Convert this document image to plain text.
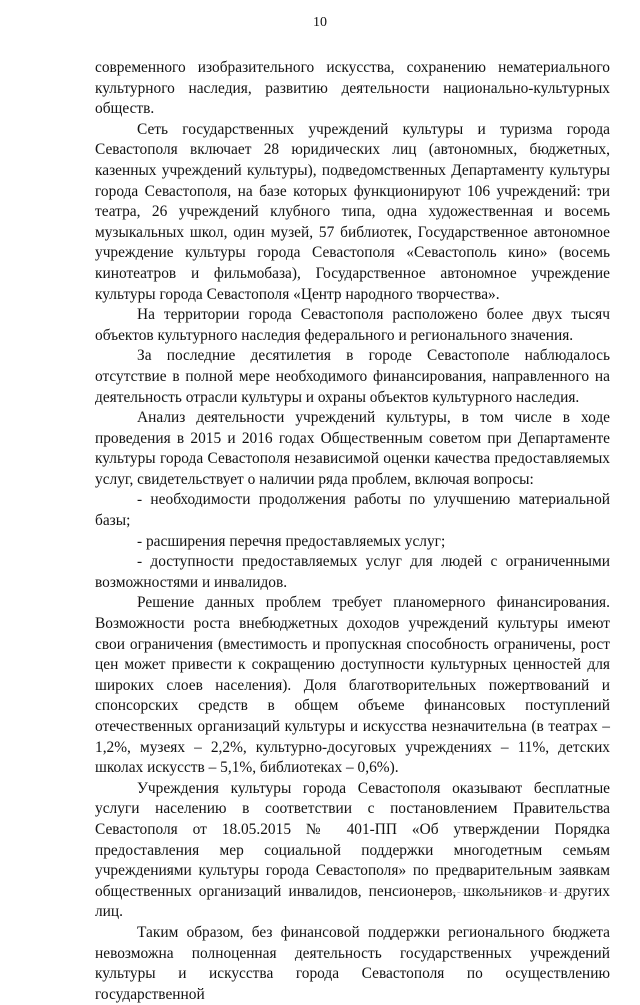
10

современного изобразительного искусства, сохранению нематериального культурного наследия, развитию деятельности национально-культурных обществ.

Сеть государственных учреждений культуры и туризма города Севастополя включает 28 юридических лиц (автономных, бюджетных, казенных учреждений культуры), подведомственных Департаменту культуры города Севастополя, на базе которых функционируют 106 учреждений: три театра, 26 учреждений клубного типа, одна художественная и восемь музыкальных школ, один музей, 57 библиотек, Государственное автономное учреждение культуры города Севастополя «Севастополь кино» (восемь кинотеатров и фильмобаза), Государственное автономное учреждение культуры города Севастополя «Центр народного творчества».

На территории города Севастополя расположено более двух тысяч объектов культурного наследия федерального и регионального значения.

За последние десятилетия в городе Севастополе наблюдалось отсутствие в полной мере необходимого финансирования, направленного на деятельность отрасли культуры и охраны объектов культурного наследия.

Анализ деятельности учреждений культуры, в том числе в ходе проведения в 2015 и 2016 годах Общественным советом при Департаменте культуры города Севастополя независимой оценки качества предоставляемых услуг, свидетельствует о наличии ряда проблем, включая вопросы:

- необходимости продолжения работы по улучшению материальной базы;

- расширения перечня предоставляемых услуг;

- доступности предоставляемых услуг для людей с ограниченными возможностями и инвалидов.

Решение данных проблем требует планомерного финансирования. Возможности роста внебюджетных доходов учреждений культуры имеют свои ограничения (вместимость и пропускная способность ограничены, рост цен может привести к сокращению доступности культурных ценностей для широких слоев населения). Доля благотворительных пожертвований и спонсорских средств в общем объеме финансовых поступлений отечественных организаций культуры и искусства незначительна (в театрах – 1,2%, музеях – 2,2%, культурно-досуговых учреждениях – 11%, детских школах искусств – 5,1%, библиотеках – 0,6%).

Учреждения культуры города Севастополя оказывают бесплатные услуги населению в соответствии с постановлением Правительства Севастополя от 18.05.2015 № 401-ПП «Об утверждении Порядка предоставления мер социальной поддержки многодетным семьям учреждениями культуры города Севастополя» по предварительным заявкам общественных организаций инвалидов, пенсионеров, школьников и других лиц.

Таким образом, без финансовой поддержки регионального бюджета невозможна полноценная деятельность государственных учреждений культуры и искусства города Севастополя по осуществлению государственной
